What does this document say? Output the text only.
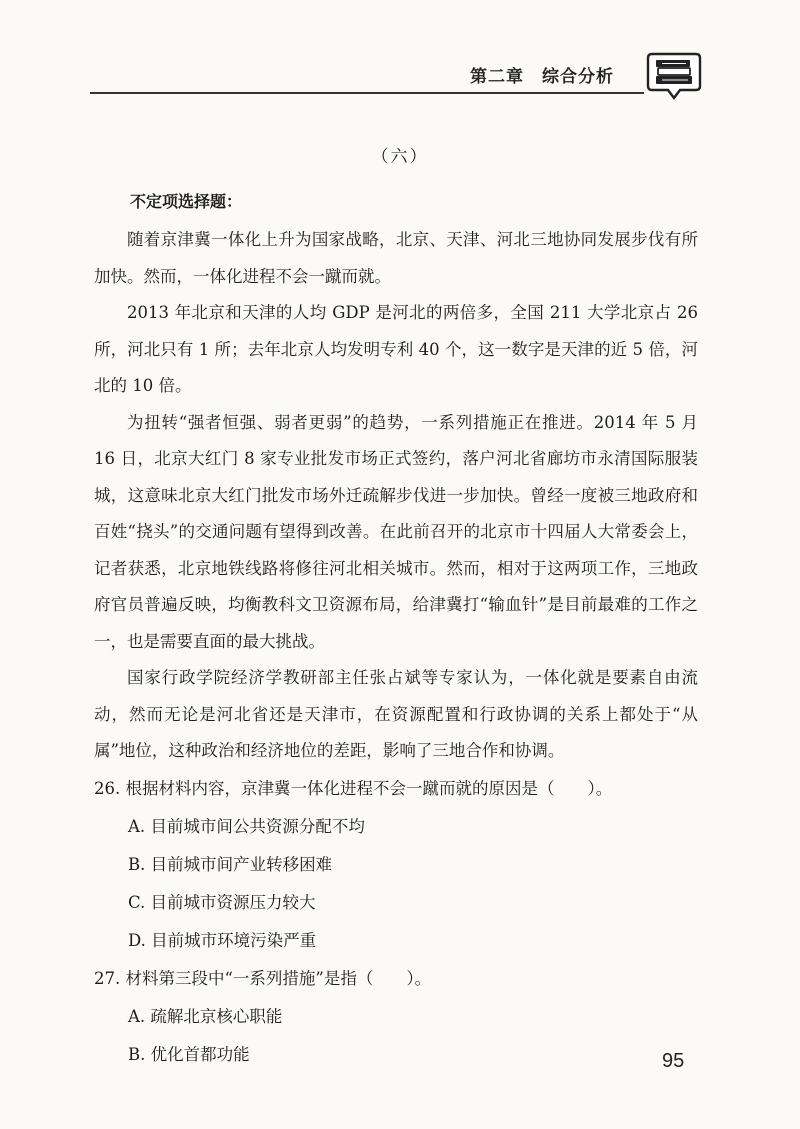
第二章　综合分析
（六）

不定项选择题：

随着京津冀一体化上升为国家战略，北京、天津、河北三地协同发展步伐有所加快。然而，一体化进程不会一蹴而就。

2013 年北京和天津的人均 GDP 是河北的两倍多，全国 211 大学北京占 26 所，河北只有 1 所；去年北京人均发明专利 40 个，这一数字是天津的近 5 倍，河北的 10 倍。

为扭转“强者恒强、弱者更弱”的趋势，一系列措施正在推进。2014 年 5 月 16 日，北京大红门 8 家专业批发市场正式签约，落户河北省廊坊市永清国际服装城，这意味北京大红门批发市场外迁疏解步伐进一步加快。曾经一度被三地政府和百姓“挠头”的交通问题有望得到改善。在此前召开的北京市十四届人大常委会上，记者获悉，北京地铁线路将修往河北相关城市。然而，相对于这两项工作，三地政府官员普遍反映，均衡教科文卫资源布局，给津冀打“输血针”是目前最难的工作之一，也是需要直面的最大挑战。

国家行政学院经济学教研部主任张占斌等专家认为，一体化就是要素自由流动，然而无论是河北省还是天津市，在资源配置和行政协调的关系上都处于“从属”地位，这种政治和经济地位的差距，影响了三地合作和协调。

26. 根据材料内容，京津冀一体化进程不会一蹴而就的原因是（　　）。

A. 目前城市间公共资源分配不均

B. 目前城市间产业转移困难

C. 目前城市资源压力较大

D. 目前城市环境污染严重

27. 材料第三段中“一系列措施”是指（　　）。

A. 疏解北京核心职能

B. 优化首都功能	95
